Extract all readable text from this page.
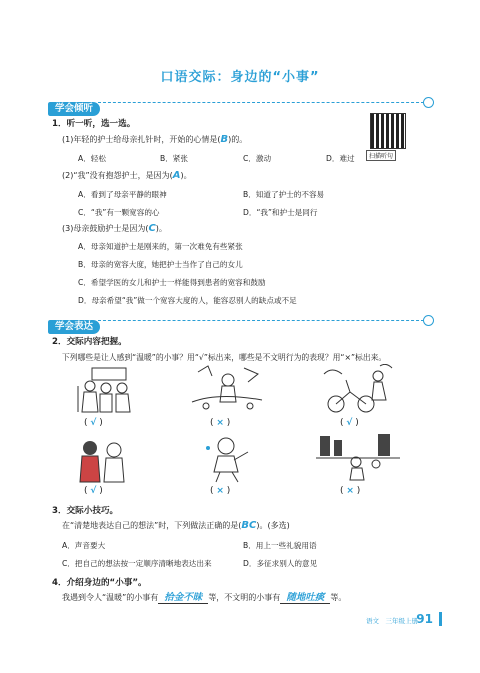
口语交际：身边的“小事”
学会倾听
1．听一听，选一选。
扫描听句
(1)年轻的护士给母亲扎针时，开始的心情是(B)的。
A．轻松	B．紧张	C．激动	D．难过
(2)“我”没有抱怨护士，是因为(A)。
A．看到了母亲平静的眼神	B．知道了护士的不容易
C．“我”有一颗宽容的心	D．“我”和护士是同行
(3)母亲鼓励护士是因为(C)。
A．母亲知道护士是刚来的，第一次难免有些紧张
B．母亲的宽容大度，她把护士当作了自己的女儿
C．希望学医的女儿和护士一样能得到患者的宽容和鼓励
D．母亲希望“我”做一个宽容大度的人，能容忍别人的缺点或不足
学会表达
2．交际内容把握。
下列哪些是让人感到“温暖”的小事？用“√”标出来，哪些是不文明行为的表现？用“×”标出来。
( √ )	( × )	( √ )
( √ )	( × )	( × )
3．交际小技巧。
在“清楚地表达自己的想法”时，下列做法正确的是(BC)。(多选)
A．声音要大	B．用上一些礼貌用语
C．把自己的想法按一定顺序清晰地表达出来	D．多征求别人的意见
4．介绍身边的“小事”。
我遇到令人“温暖”的小事有 拾金不昧 等，不文明的小事有 随地吐痰 等。
语文　三年级上册
91
